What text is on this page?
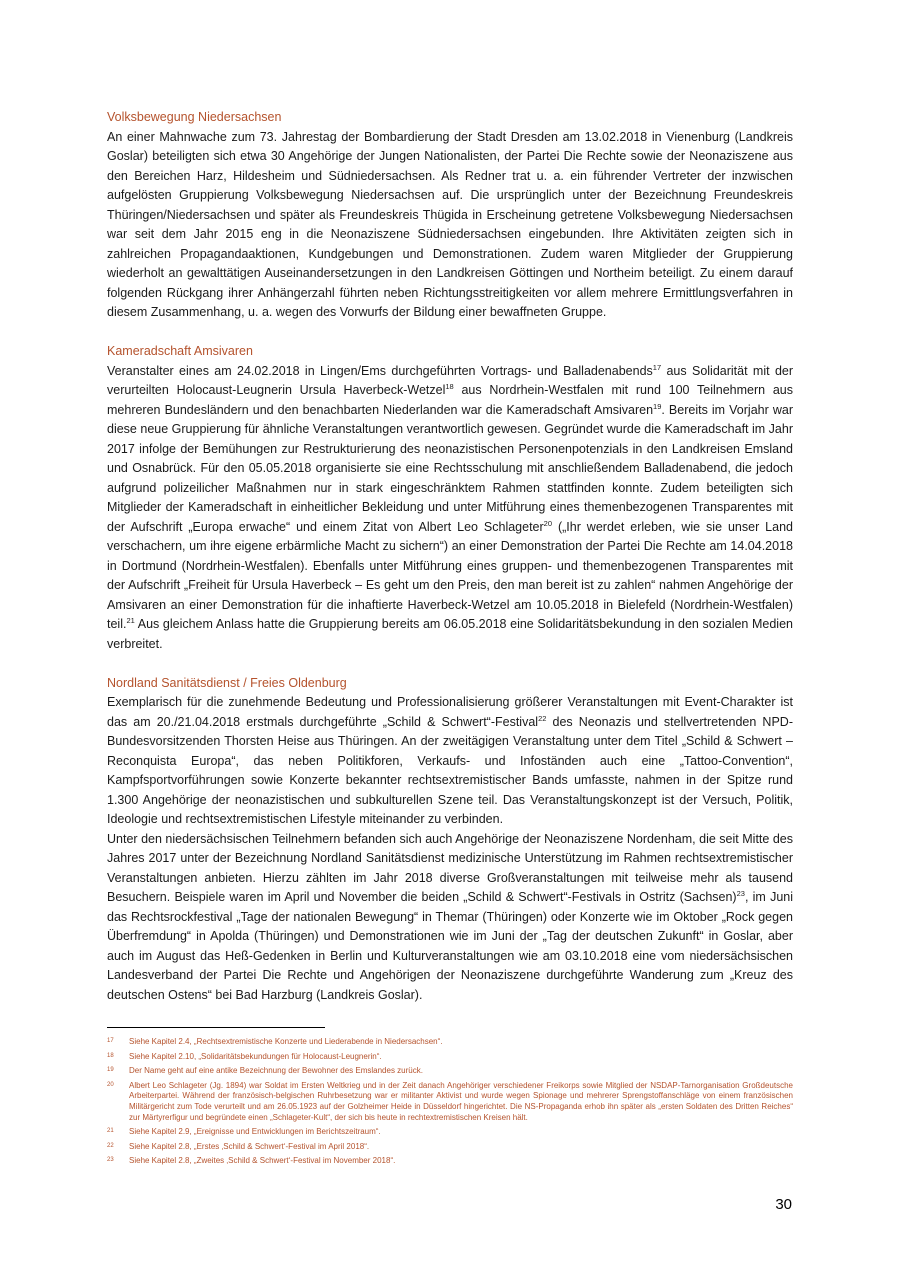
Volksbewegung Niedersachsen

An einer Mahnwache zum 73. Jahrestag der Bombardierung der Stadt Dresden am 13.02.2018 in Vienenburg (Landkreis Goslar) beteiligten sich etwa 30 Angehörige der Jungen Nationalisten, der Partei Die Rechte sowie der Neonaziszene aus den Bereichen Harz, Hildesheim und Südniedersachsen. Als Redner trat u. a. ein führender Vertreter der inzwischen aufgelösten Gruppierung Volksbewegung Niedersachsen auf. Die ursprünglich unter der Bezeichnung Freundeskreis Thüringen/Niedersachsen und später als Freundeskreis Thügida in Erscheinung getretene Volksbewegung Niedersachsen war seit dem Jahr 2015 eng in die Neonaziszene Südniedersachsen eingebunden. Ihre Aktivitäten zeigten sich in zahlreichen Propagandaaktionen, Kundgebungen und Demonstrationen. Zudem waren Mitglieder der Gruppierung wiederholt an gewalttätigen Auseinandersetzungen in den Landkreisen Göttingen und Northeim beteiligt. Zu einem darauf folgenden Rückgang ihrer Anhängerzahl führten neben Richtungsstreitigkeiten vor allem mehrere Ermittlungsverfahren in diesem Zusammenhang, u. a. wegen des Vorwurfs der Bildung einer bewaffneten Gruppe.

Kameradschaft Amsivaren

Veranstalter eines am 24.02.2018 in Lingen/Ems durchgeführten Vortrags- und Balladenabends$^{17}$ aus Solidarität mit der verurteilten Holocaust-Leugnerin Ursula Haverbeck-Wetzel$^{18}$ aus Nordrhein-Westfalen mit rund 100 Teilnehmern aus mehreren Bundesländern und den benachbarten Niederlanden war die Kameradschaft Amsivaren$^{19}$. Bereits im Vorjahr war diese neue Gruppierung für ähnliche Veranstaltungen verantwortlich gewesen. Gegründet wurde die Kameradschaft im Jahr 2017 infolge der Bemühungen zur Restrukturierung des neonazistischen Personenpotenzials in den Landkreisen Emsland und Osnabrück. Für den 05.05.2018 organisierte sie eine Rechtsschulung mit anschließendem Balladenabend, die jedoch aufgrund polizeilicher Maßnahmen nur in stark eingeschränktem Rahmen stattfinden konnte. Zudem beteiligten sich Mitglieder der Kameradschaft in einheitlicher Bekleidung und unter Mitführung eines themenbezogenen Transparentes mit der Aufschrift „Europa erwache“ und einem Zitat von Albert Leo Schlageter$^{20}$ („Ihr werdet erleben, wie sie unser Land verschachern, um ihre eigene erbärmliche Macht zu sichern“) an einer Demonstration der Partei Die Rechte am 14.04.2018 in Dortmund (Nordrhein-Westfalen). Ebenfalls unter Mitführung eines gruppen- und themenbezogenen Transparentes mit der Aufschrift „Freiheit für Ursula Haverbeck – Es geht um den Preis, den man bereit ist zu zahlen“ nahmen Angehörige der Amsivaren an einer Demonstration für die inhaftierte Haverbeck-Wetzel am 10.05.2018 in Bielefeld (Nordrhein-Westfalen) teil.$^{21}$ Aus gleichem Anlass hatte die Gruppierung bereits am 06.05.2018 eine Solidaritätsbekundung in den sozialen Medien verbreitet.

Nordland Sanitätsdienst / Freies Oldenburg

Exemplarisch für die zunehmende Bedeutung und Professionalisierung größerer Veranstaltungen mit Event-Charakter ist das am 20./21.04.2018 erstmals durchgeführte „Schild & Schwert“-Festival$^{22}$ des Neonazis und stellvertretenden NPD-Bundesvorsitzenden Thorsten Heise aus Thüringen. An der zweitägigen Veranstaltung unter dem Titel „Schild & Schwert – Reconquista Europa“, das neben Politikforen, Verkaufs- und Infoständen auch eine „Tattoo-Convention“, Kampfsportvorführungen sowie Konzerte bekannter rechtsextremistischer Bands umfasste, nahmen in der Spitze rund 1.300 Angehörige der neonazistischen und subkulturellen Szene teil. Das Veranstaltungskonzept ist der Versuch, Politik, Ideologie und rechtsextremistischen Lifestyle miteinander zu verbinden.

Unter den niedersächsischen Teilnehmern befanden sich auch Angehörige der Neonaziszene Nordenham, die seit Mitte des Jahres 2017 unter der Bezeichnung Nordland Sanitätsdienst medizinische Unterstützung im Rahmen rechtsextremistischer Veranstaltungen anbieten. Hierzu zählten im Jahr 2018 diverse Großveranstaltungen mit teilweise mehr als tausend Besuchern. Beispiele waren im April und November die beiden „Schild & Schwert“-Festivals in Ostritz (Sachsen)$^{23}$, im Juni das Rechtsrockfestival „Tage der nationalen Bewegung“ in Themar (Thüringen) oder Konzerte wie im Oktober „Rock gegen Überfremdung“ in Apolda (Thüringen) und Demonstrationen wie im Juni der „Tag der deutschen Zukunft“ in Goslar, aber auch im August das Heß-Gedenken in Berlin und Kulturveranstaltungen wie am 03.10.2018 eine vom niedersächsischen Landesverband der Partei Die Rechte und Angehörigen der Neonaziszene durchgeführte Wanderung zum „Kreuz des deutschen Ostens“ bei Bad Harzburg (Landkreis Goslar).

17	Siehe Kapitel 2.4, „Rechtsextremistische Konzerte und Liederabende in Niedersachsen“.
18	Siehe Kapitel 2.10, „Solidaritätsbekundungen für Holocaust-Leugnerin“.
19	Der Name geht auf eine antike Bezeichnung der Bewohner des Emslandes zurück.
20	Albert Leo Schlageter (Jg. 1894) war Soldat im Ersten Weltkrieg und in der Zeit danach Angehöriger verschiedener Freikorps sowie Mitglied der NSDAP-Tarnorganisation Großdeutsche Arbeiterpartei. Während der französisch-belgischen Ruhrbesetzung war er militanter Aktivist und wurde wegen Spionage und mehrerer Sprengstoffanschläge von einem französischen Militärgericht zum Tode verurteilt und am 26.05.1923 auf der Golzheimer Heide in Düsseldorf hingerichtet. Die NS-Propaganda erhob ihn später als „ersten Soldaten des Dritten Reiches“ zur Märtyrerfigur und begründete einen „Schlageter-Kult“, der sich bis heute in rechtextremistischen Kreisen hält.
21	Siehe Kapitel 2.9, „Ereignisse und Entwicklungen im Berichtszeitraum“.
22	Siehe Kapitel 2.8, „Erstes ‚Schild & Schwert‘-Festival im April 2018“.
23	Siehe Kapitel 2.8, „Zweites ‚Schild & Schwert‘-Festival im November 2018“.
30
